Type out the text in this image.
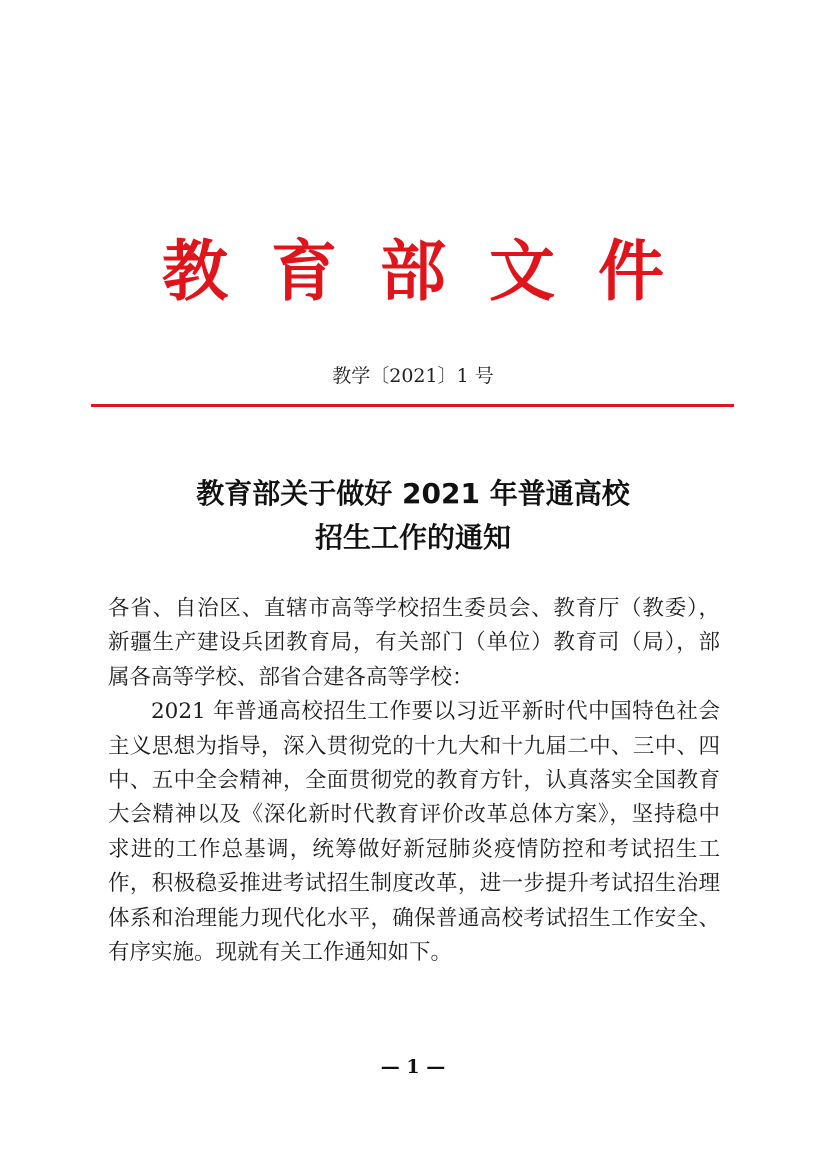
教 育 部 文 件
教学〔2021〕1 号
教育部关于做好 2021 年普通高校
招生工作的通知

各省、自治区、直辖市高等学校招生委员会、教育厅（教委），新疆生产建设兵团教育局，有关部门（单位）教育司（局），部属各高等学校、部省合建各高等学校：

2021 年普通高校招生工作要以习近平新时代中国特色社会主义思想为指导，深入贯彻党的十九大和十九届二中、三中、四中、五中全会精神，全面贯彻党的教育方针，认真落实全国教育大会精神以及《深化新时代教育评价改革总体方案》，坚持稳中求进的工作总基调，统筹做好新冠肺炎疫情防控和考试招生工作，积极稳妥推进考试招生制度改革，进一步提升考试招生治理体系和治理能力现代化水平，确保普通高校考试招生工作安全、有序实施。现就有关工作通知如下。

— 1 —
